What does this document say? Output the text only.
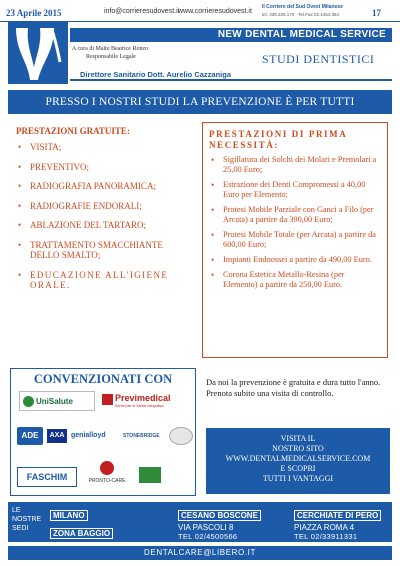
23 Aprile 2015	info@corrieresudovest.it
www.corrieresudovest.it
Il Corriere del Sud Ovest Milanese
tel. 335.335.170 · Tel.Fax 02.4454.364	17
NEW DENTAL MEDICAL SERVICE
A cura di Maite Beatrice Ronzo
Responsabile Legale	STUDI DENTISTICI
Direttore Sanitario Dott. Aurelio Cazzaniga
PRESSO I NOSTRI STUDI LA PREVENZIONE È PER TUTTI
PRESTAZIONI GRATUITE:
• VISITA;
• PREVENTIVO;
• RADIOGRAFIA PANORAMICA;
• RADIOGRAFIE ENDORALI;
• ABLAZIONE DEL TARTARO;
• TRATTAMENTO SMACCHIANTE DELLO SMALTO;
• EDUCAZIONE ALL'IGIENE ORALE.
PRESTAZIONI DI PRIMA NECESSITÀ:
• Sigillatura dei Solchi dei Molari e Premolari a 25,00 Euro;
• Estrazione dei Denti Compromessi a 40,00 Euro per Elemento;
• Protesi Mobile Parziale con Ganci a Filo (per Arcata) a partire da 390,00 Euro;
• Protesi Mobile Totale (per Arcata) a partire da 600,00 Euro;
• Impianti Endoossei a partire da 490,00 Euro.
• Corona Estetica Metallo-Resina (per Elemento) a partire da 250,00 Euro.
Da noi la prevenzione è gratuita e dura tutto l'anno. Prenota subito una visita di controllo.
CONVENZIONATI CON
UniSalute	Previmedical
Servizi per la Sanità Integrativa
ADE	AXA genialloyd	STONEBRIDGE
FASCHIM	PRONTO-CARE
VISITA IL
NOSTRO SITO
WWW.DENTALMEDICALSERVICE.COM
E SCOPRI
TUTTI I VANTAGGI
LE
NOSTRE
SEDI
MILANO
ZONA BAGGIO
CESANO BOSCONE
VIA PASCOLI 8
TEL 02/4500566
CERCHIATE DI PERO
PIAZZA ROMA 4
TEL 02/33911331
DENTALCARE@LIBERO.IT
